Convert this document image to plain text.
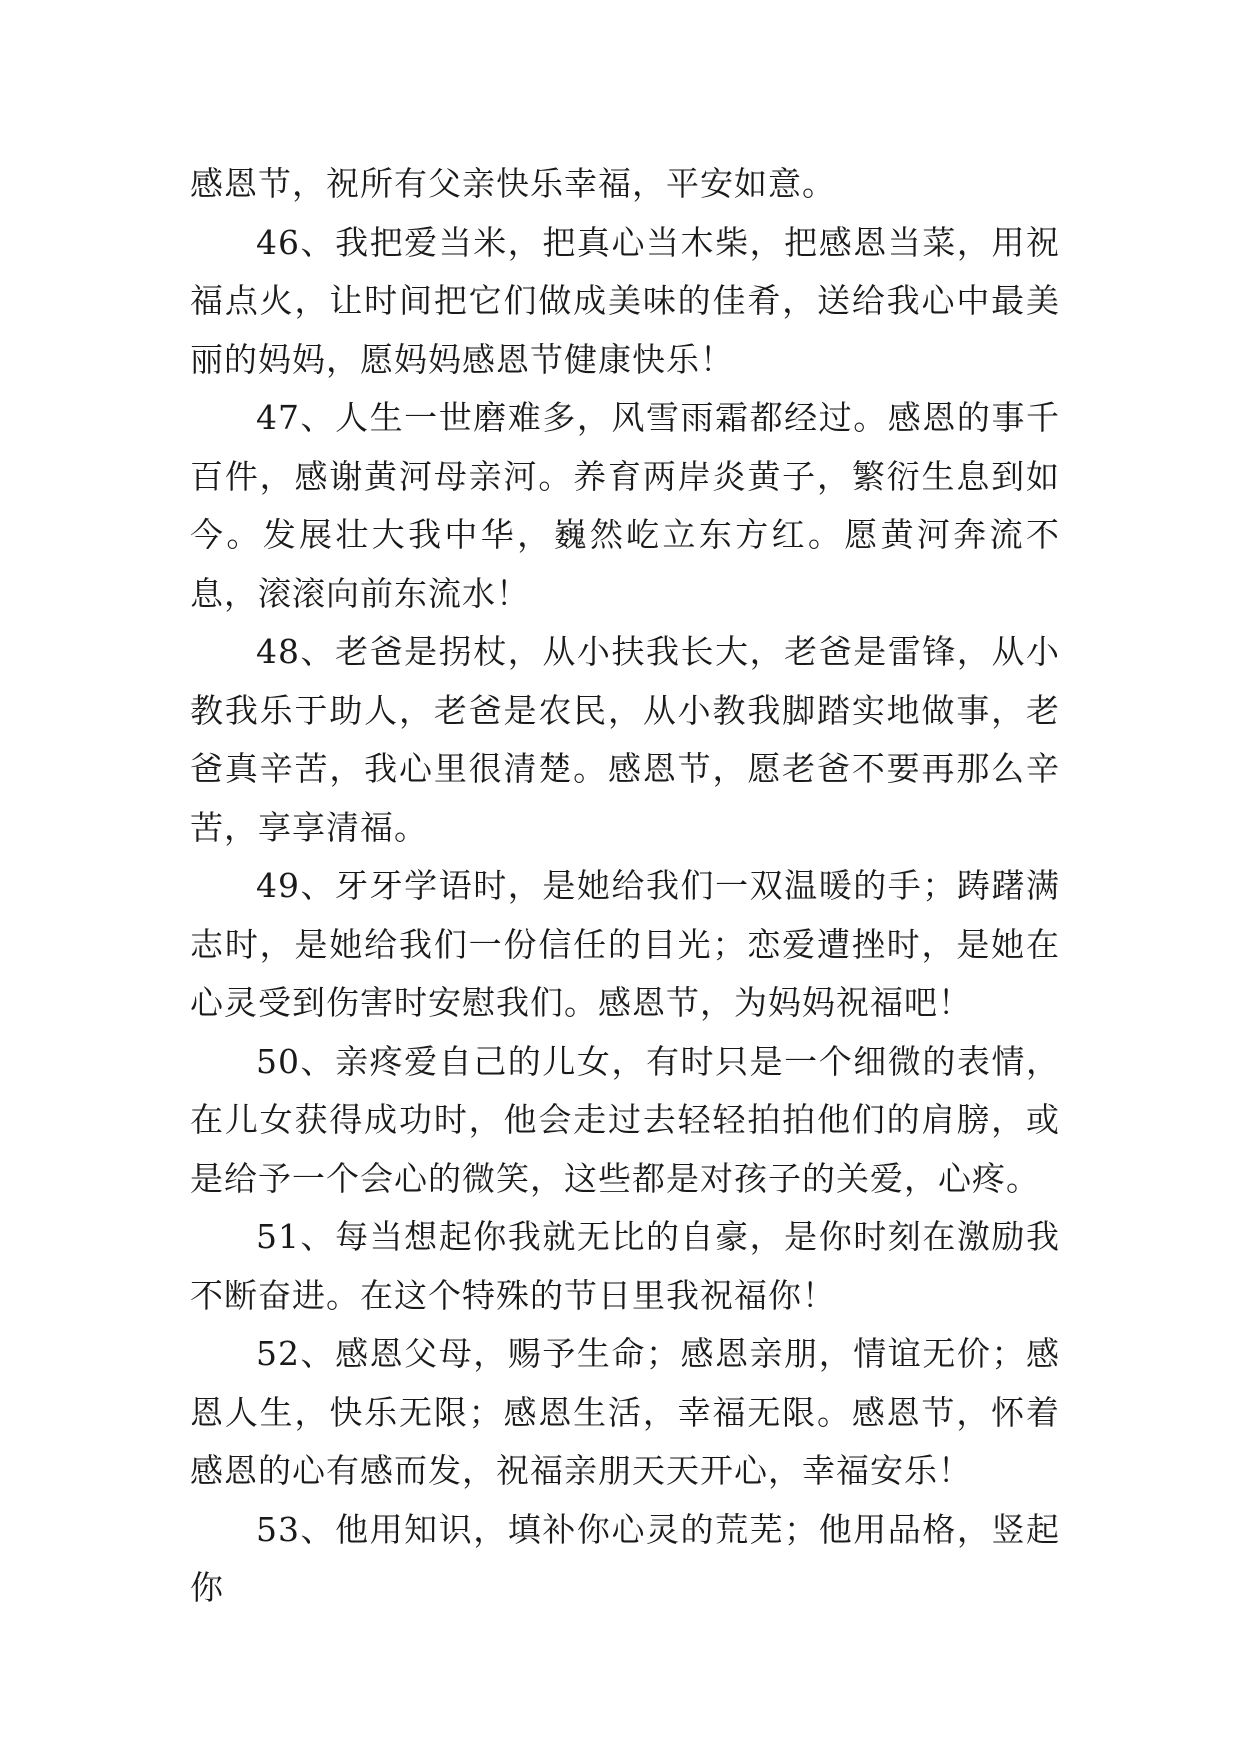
感恩节，祝所有父亲快乐幸福，平安如意。

46、我把爱当米，把真心当木柴，把感恩当菜，用祝福点火，让时间把它们做成美味的佳肴，送给我心中最美丽的妈妈，愿妈妈感恩节健康快乐！

47、人生一世磨难多，风雪雨霜都经过。感恩的事千百件，感谢黄河母亲河。养育两岸炎黄子，繁衍生息到如今。发展壮大我中华，巍然屹立东方红。愿黄河奔流不息，滚滚向前东流水！

48、老爸是拐杖，从小扶我长大，老爸是雷锋，从小教我乐于助人，老爸是农民，从小教我脚踏实地做事，老爸真辛苦，我心里很清楚。感恩节，愿老爸不要再那么辛苦，享享清福。

49、牙牙学语时，是她给我们一双温暖的手；踌躇满志时，是她给我们一份信任的目光；恋爱遭挫时，是她在心灵受到伤害时安慰我们。感恩节，为妈妈祝福吧！

50、亲疼爱自己的儿女，有时只是一个细微的表情，在儿女获得成功时，他会走过去轻轻拍拍他们的肩膀，或是给予一个会心的微笑，这些都是对孩子的关爱，心疼。

51、每当想起你我就无比的自豪，是你时刻在激励我不断奋进。在这个特殊的节日里我祝福你！

52、感恩父母，赐予生命；感恩亲朋，情谊无价；感恩人生，快乐无限；感恩生活，幸福无限。感恩节，怀着感恩的心有感而发，祝福亲朋天天开心，幸福安乐！

53、他用知识，填补你心灵的荒芜；他用品格，竖起你
